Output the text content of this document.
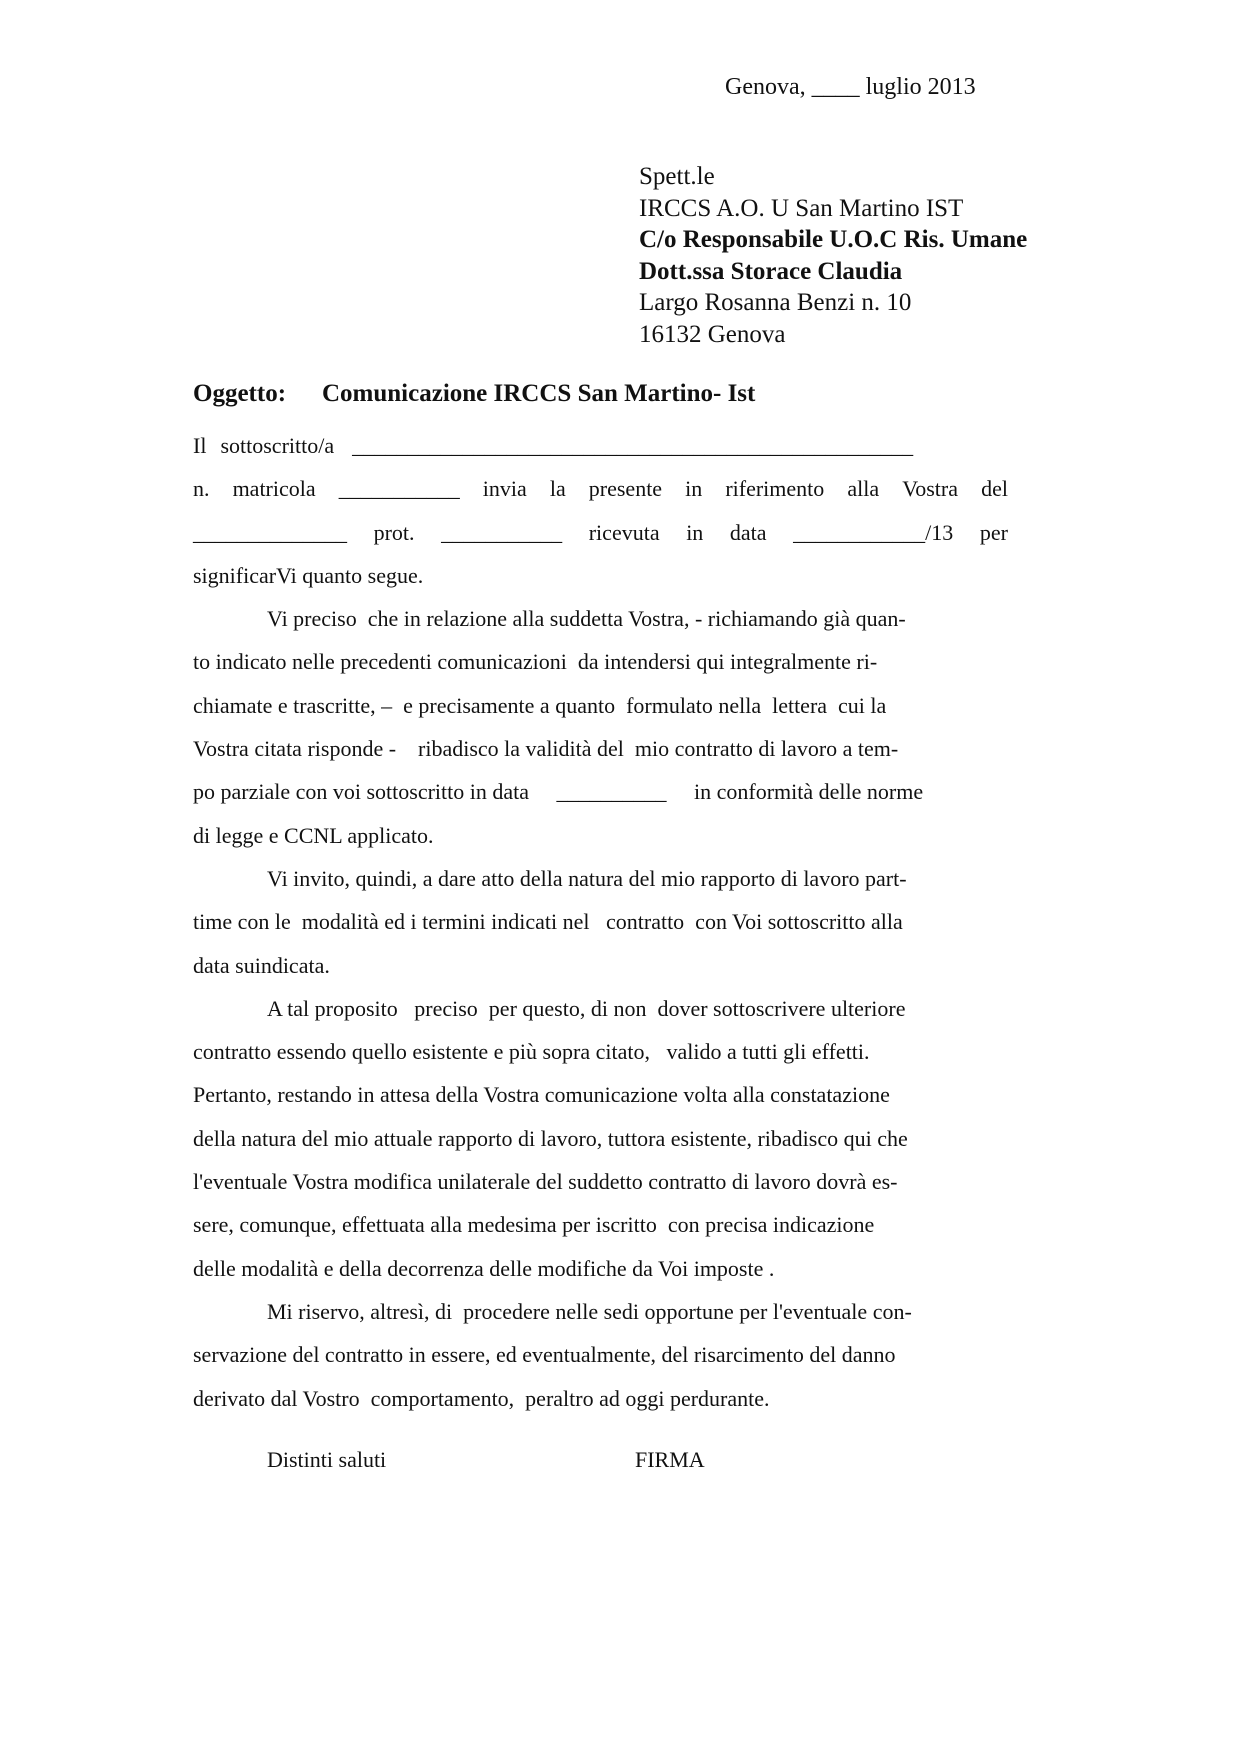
Genova, ____ luglio 2013
Spett.le
IRCCS A.O. U San Martino IST
C/o Responsabile U.O.C Ris. Umane
Dott.ssa Storace Claudia
Largo Rosanna Benzi n. 10
16132 Genova
Oggetto: Comunicazione IRCCS San Martino- Ist
Il sottoscritto/a ___________________________________________________
n. matricola ___________ invia la presente in riferimento alla Vostra del
______________ prot. ___________ ricevuta in data ____________/13 per
significarVi quanto segue.
Vi preciso  che in relazione alla suddetta Vostra, - richiamando già quan-
to indicato nelle precedenti comunicazioni  da intendersi qui integralmente ri-
chiamate e trascritte, –  e precisamente a quanto  formulato nella  lettera  cui la
Vostra citata risponde -    ribadisco la validità del  mio contratto di lavoro a tem-
po parziale con voi sottoscritto in data     __________     in conformità delle norme
di legge e CCNL applicato.
Vi invito, quindi, a dare atto della natura del mio rapporto di lavoro part-
time con le  modalità ed i termini indicati nel   contratto  con Voi sottoscritto alla
data suindicata.
A tal proposito   preciso  per questo, di non  dover sottoscrivere ulteriore
contratto essendo quello esistente e più sopra citato,   valido a tutti gli effetti.
Pertanto, restando in attesa della Vostra comunicazione volta alla constatazione
della natura del mio attuale rapporto di lavoro, tuttora esistente, ribadisco qui che
l'eventuale Vostra modifica unilaterale del suddetto contratto di lavoro dovrà es-
sere, comunque, effettuata alla medesima per iscritto  con precisa indicazione
delle modalità e della decorrenza delle modifiche da Voi imposte .
Mi riservo, altresì, di  procedere nelle sedi opportune per l'eventuale con-
servazione del contratto in essere, ed eventualmente, del risarcimento del danno
derivato dal Vostro  comportamento,  peraltro ad oggi perdurante.
Distinti saluti	FIRMA
